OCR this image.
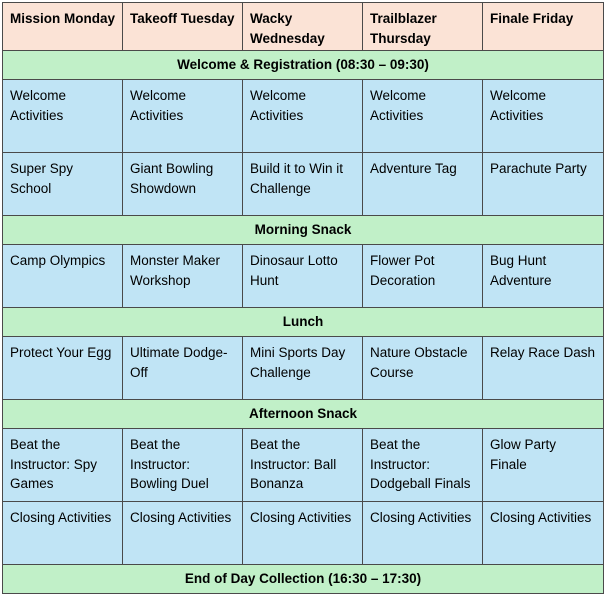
Mission Monday	Takeoff Tuesday	Wacky Wednesday	Trailblazer Thursday	Finale Friday
Welcome & Registration (08:30 – 09:30)				
Welcome Activities	Welcome Activities	Welcome Activities	Welcome Activities	Welcome Activities
Super Spy School	Giant Bowling Showdown	Build it to Win it Challenge	Adventure Tag	Parachute Party
Morning Snack				
Camp Olympics	Monster Maker Workshop	Dinosaur Lotto Hunt	Flower Pot Decoration	Bug Hunt Adventure
Lunch				
Protect Your Egg	Ultimate Dodge-Off	Mini Sports Day Challenge	Nature Obstacle Course	Relay Race Dash
Afternoon Snack				
Beat the Instructor: Spy Games	Beat the Instructor: Bowling Duel	Beat the Instructor: Ball Bonanza	Beat the Instructor: Dodgeball Finals	Glow Party Finale
Closing Activities	Closing Activities	Closing Activities	Closing Activities	Closing Activities
End of Day Collection (16:30 – 17:30)				
